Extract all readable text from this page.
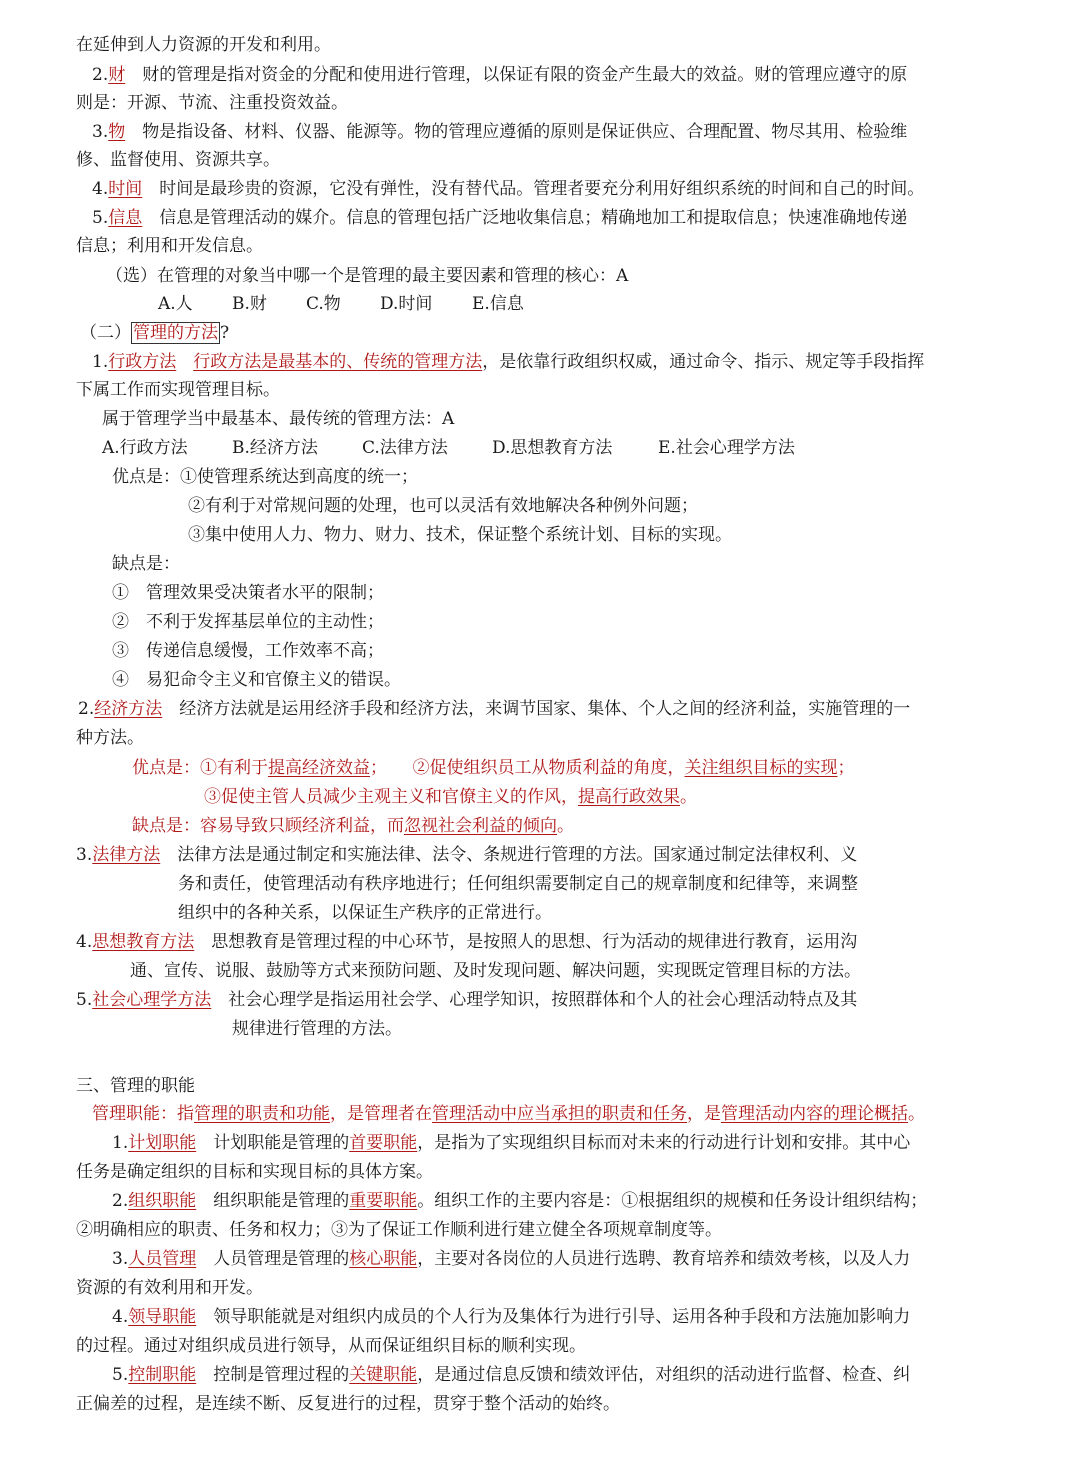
在延伸到人力资源的开发和利用。
2.财　财的管理是指对资金的分配和使用进行管理，以保证有限的资金产生最大的效益。财的管理应遵守的原
则是：开源、节流、注重投资效益。
3.物　物是指设备、材料、仪器、能源等。物的管理应遵循的原则是保证供应、合理配置、物尽其用、检验维
修、监督使用、资源共享。
4.时间　时间是最珍贵的资源，它没有弹性，没有替代品。管理者要充分利用好组织系统的时间和自己的时间。
5.信息　信息是管理活动的媒介。信息的管理包括广泛地收集信息；精确地加工和提取信息；快速准确地传递
信息；利用和开发信息。
（选）在管理的对象当中哪一个是管理的最主要因素和管理的核心：A
A.人 B.财 C.物 D.时间 E.信息
（二） 管理的方法 ?
1.行政方法　 行政方法是最基本的、传统的管理方法，是依靠行政组织权威，通过命令、指示、规定等手段指挥
下属工作而实现管理目标。
属于管理学当中最基本、最传统的管理方法：A
A.行政方法	B.经济方法	C.法律方法	D.思想教育方法	E.社会心理学方法
优点是：①使管理系统达到高度的统一；
②有利于对常规问题的处理，也可以灵活有效地解决各种例外问题；
③集中使用人力、物力、财力、技术，保证整个系统计划、目标的实现。
缺点是：
①　管理效果受决策者水平的限制；
②　不利于发挥基层单位的主动性；
③　传递信息缓慢，工作效率不高；
④　易犯命令主义和官僚主义的错误。
2.经济方法　经济方法就是运用经济手段和经济方法，来调节国家、集体、个人之间的经济利益，实施管理的一
种方法。
优点是：①有利于提高经济效益；　　②促使组织员工从物质利益的角度，关注组织目标的实现；
③促使主管人员减少主观主义和官僚主义的作风，提高行政效果。
缺点是：容易导致只顾经济利益，而忽视社会利益的倾向。
3.法律方法　法律方法是通过制定和实施法律、法令、条规进行管理的方法。国家通过制定法律权利、义
务和责任，使管理活动有秩序地进行；任何组织需要制定自己的规章制度和纪律等，来调整
组织中的各种关系，以保证生产秩序的正常进行。
4.思想教育方法　思想教育是管理过程的中心环节，是按照人的思想、行为活动的规律进行教育，运用沟
通、宣传、说服、鼓励等方式来预防问题、及时发现问题、解决问题，实现既定管理目标的方法。
5.社会心理学方法　社会心理学是指运用社会学、心理学知识，按照群体和个人的社会心理活动特点及其
规律进行管理的方法。
三、管理的职能
管理职能：指管理的职责和功能，是管理者在管理活动中应当承担的职责和任务，是管理活动内容的理论概括。
1.计划职能　计划职能是管理的首要职能，是指为了实现组织目标而对未来的行动进行计划和安排。其中心
任务是确定组织的目标和实现目标的具体方案。
2.组织职能　组织职能是管理的重要职能。组织工作的主要内容是：①根据组织的规模和任务设计组织结构；
②明确相应的职责、任务和权力；③为了保证工作顺利进行建立健全各项规章制度等。
3.人员管理　人员管理是管理的核心职能，主要对各岗位的人员进行选聘、教育培养和绩效考核，以及人力
资源的有效利用和开发。
4.领导职能　领导职能就是对组织内成员的个人行为及集体行为进行引导、运用各种手段和方法施加影响力
的过程。通过对组织成员进行领导，从而保证组织目标的顺利实现。
5.控制职能　控制是管理过程的关键职能，是通过信息反馈和绩效评估，对组织的活动进行监督、检查、纠
正偏差的过程，是连续不断、反复进行的过程，贯穿于整个活动的始终。
